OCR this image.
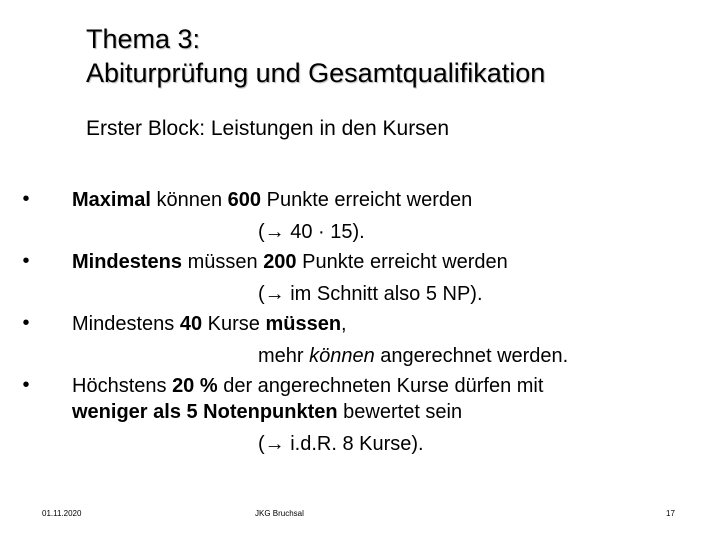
Thema 3:
Abiturprüfung und Gesamtqualifikation
Erster Block: Leistungen in den Kursen
• Maximal können 600 Punkte erreicht werden
(→ 40 · 15).
• Mindestens müssen 200 Punkte erreicht werden
(→ im Schnitt also 5 NP).
• Mindestens 40 Kurse müssen,
mehr können angerechnet werden.
• Höchstens 20 % der angerechneten Kurse dürfen mit
weniger als 5 Notenpunkten bewertet sein
(→ i.d.R. 8 Kurse).
01.11.2020	JKG Bruchsal	17
